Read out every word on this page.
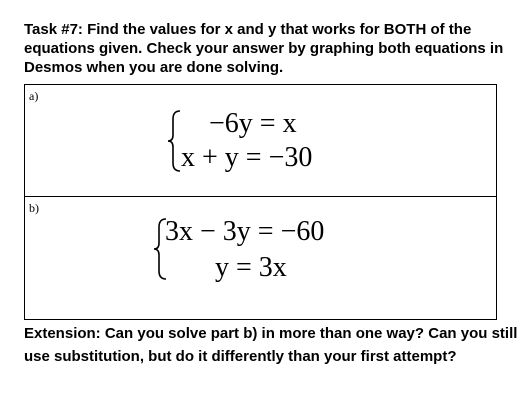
Task #7: Find the values for x and y that works for BOTH of the
equations given. Check your answer by graphing both equations in
Desmos when you are done solving.
a)
−6y = x
x + y = −30
b)
3x − 3y = −60
y = 3x
Extension: Can you solve part b) in more than one way? Can you still
use substitution, but do it differently than your first attempt?
